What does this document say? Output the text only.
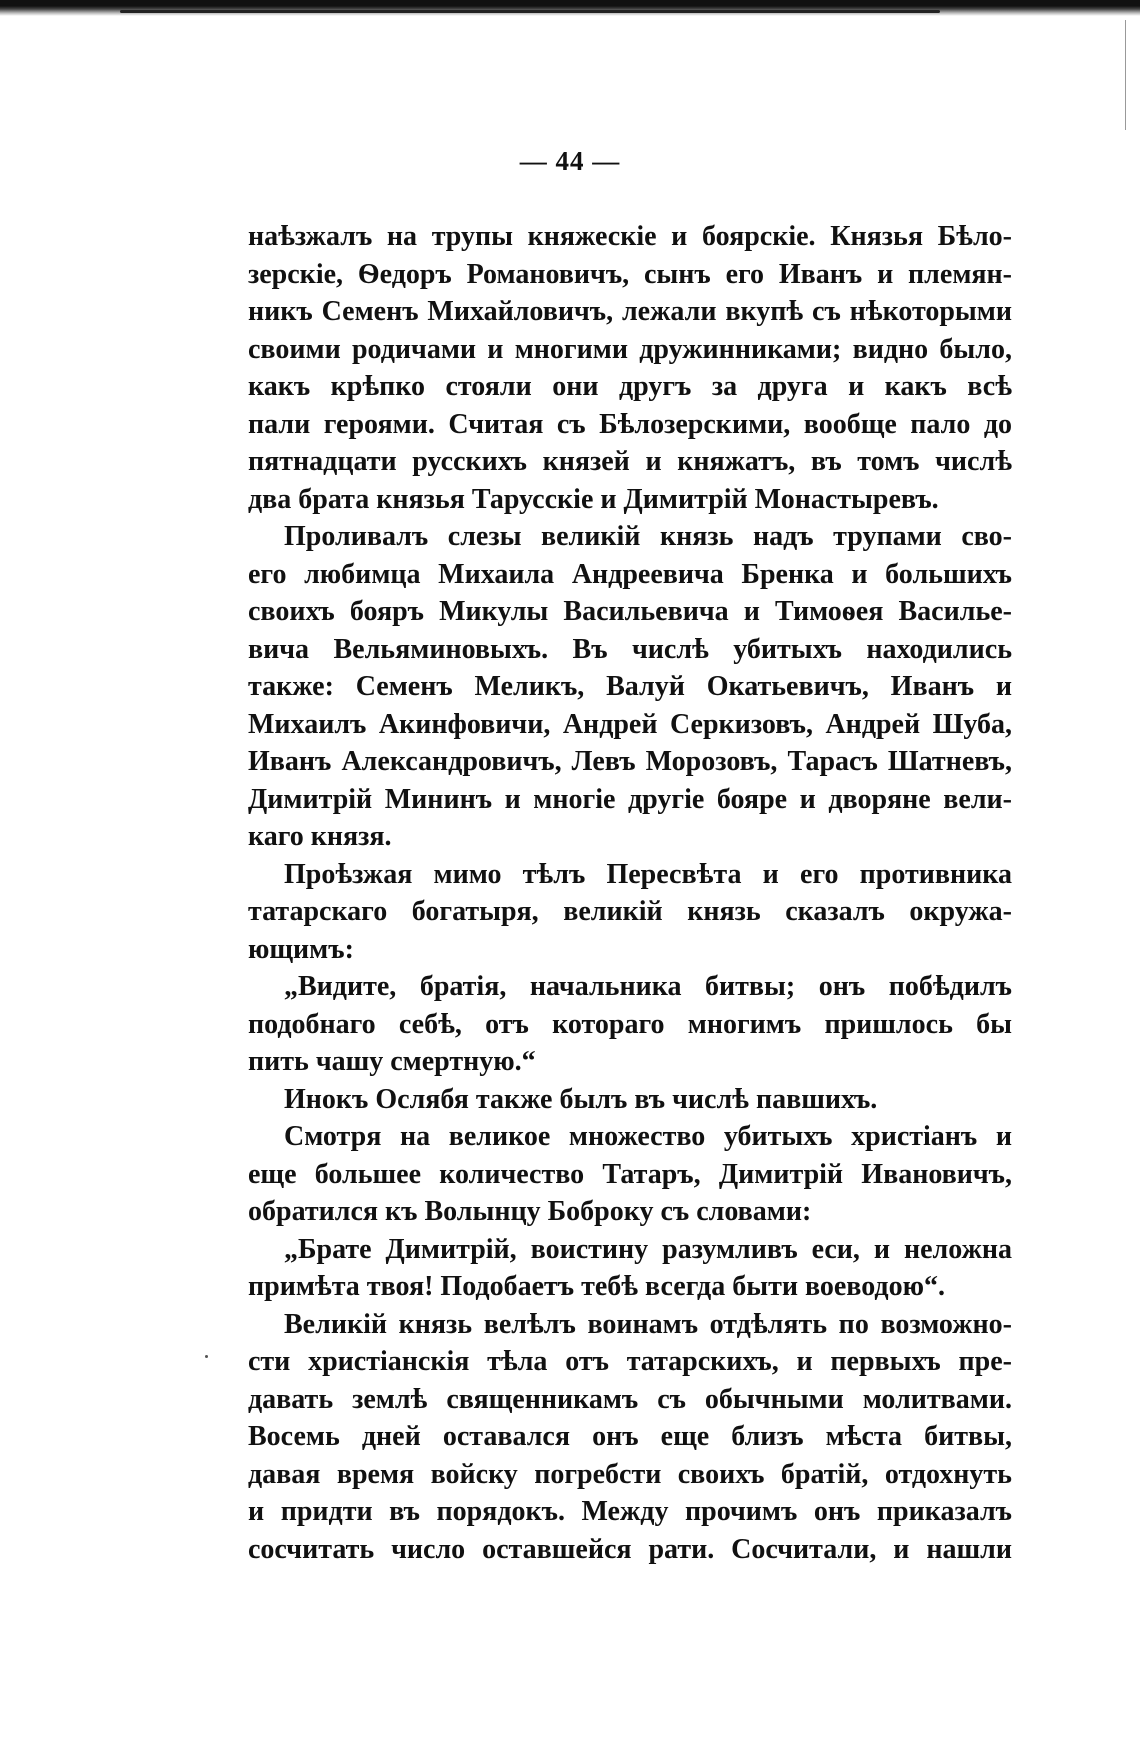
— 44 —
наѣзжалъ на трупы княжескіе и боярскіе. Князья Бѣло-
зерскіе, Ѳедоръ Романовичъ, сынъ его Иванъ и племян-
никъ Семенъ Михайловичъ, лежали вкупѣ съ нѣкоторыми
своими родичами и многими дружинниками; видно было,
какъ крѣпко стояли они другъ за друга и какъ всѣ
пали героями. Считая съ Бѣлозерскими, вообще пало до
пятнадцати русскихъ князей и княжатъ, въ томъ числѣ
два брата князья Тарусскіе и Димитрій Монастыревъ.
Проливалъ слезы великій князь надъ трупами сво-
его любимца Михаила Андреевича Бренка и большихъ
своихъ бояръ Микулы Васильевича и Тимоѳея Василье-
вича Вельяминовыхъ. Въ числѣ убитыхъ находились
также: Семенъ Меликъ, Валуй Окатьевичъ, Иванъ и
Михаилъ Акинфовичи, Андрей Серкизовъ, Андрей Шуба,
Иванъ Александровичъ, Левъ Морозовъ, Тарасъ Шатневъ,
Димитрій Мининъ и многіе другіе бояре и дворяне вели-
каго князя.
Проѣзжая мимо тѣлъ Пересвѣта и его противника
татарскаго богатыря, великій князь сказалъ окружа-
ющимъ:
„Видите, братія, начальника битвы; онъ побѣдилъ
подобнаго себѣ, отъ котораго многимъ пришлось бы
пить чашу смертную.“
Инокъ Ослябя также былъ въ числѣ павшихъ.
Смотря на великое множество убитыхъ христіанъ и
еще большее количество Татаръ, Димитрій Ивановичъ,
обратился къ Волынцу Боброку съ словами:
„Брате Димитрій, воистину разумливъ еси, и неложна
примѣта твоя! Подобаетъ тебѣ всегда быти воеводою“.
Великій князь велѣлъ воинамъ отдѣлять по возможно-
сти христіанскія тѣла отъ татарскихъ, и первыхъ пре-
давать землѣ священникамъ съ обычными молитвами.
Восемь дней оставался онъ еще близъ мѣста битвы,
давая время войску погребсти своихъ братій, отдохнуть
и придти въ порядокъ. Между прочимъ онъ приказалъ
сосчитать число оставшейся рати. Сосчитали, и нашли
